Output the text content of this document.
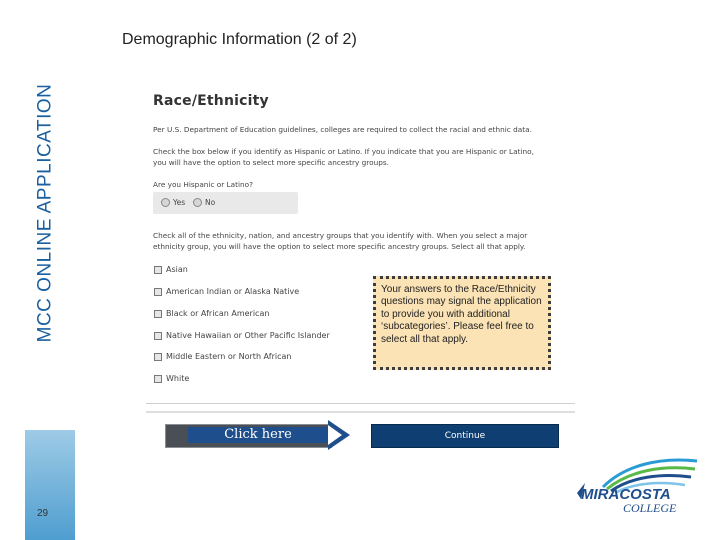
MCC ONLINE APPLICATION
29
Demographic Information (2 of 2)
Race/Ethnicity
Per U.S. Department of Education guidelines, colleges are required to collect the racial and ethnic data.
Check the box below if you identify as Hispanic or Latino. If you indicate that you are Hispanic or Latino,
you will have the option to select more specific ancestry groups.
Are you Hispanic or Latino?
Yes	No
Check all of the ethnicity, nation, and ancestry groups that you identify with. When you select a major
ethnicity group, you will have the option to select more specific ancestry groups. Select all that apply.
Asian
American Indian or Alaska Native
Black or African American
Native Hawaiian or Other Pacific Islander
Middle Eastern or North African
White
Your answers to the Race/Ethnicity questions may signal the application to provide you with additional ‘subcategories’. Please feel free to select all that apply.
Click here	Continue
MIRACOSTA
COLLEGE
